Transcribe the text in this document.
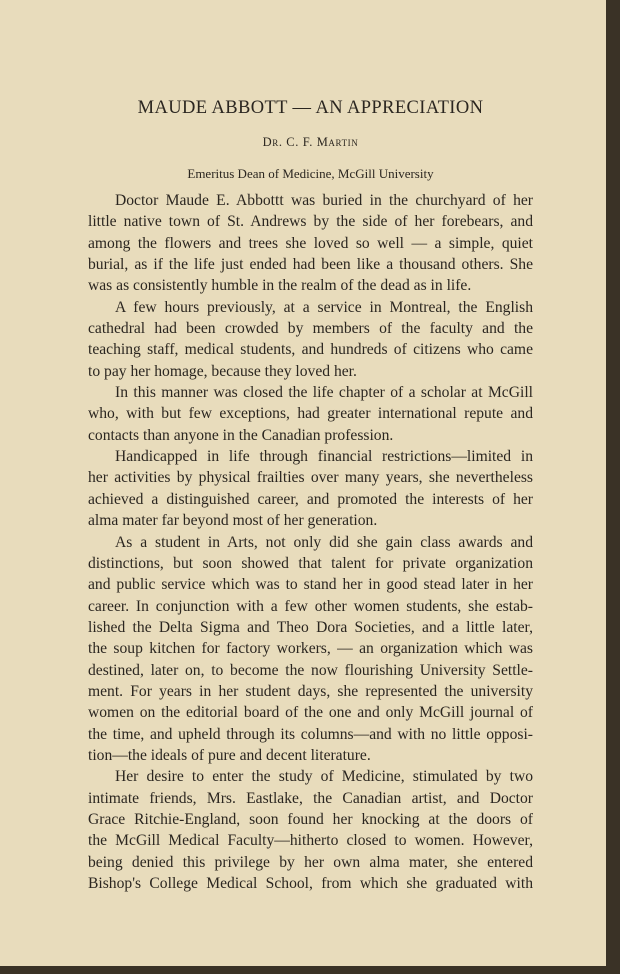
MAUDE ABBOTT — AN APPRECIATION
Dr. C. F. Martin
Emeritus Dean of Medicine, McGill University
Doctor Maude E. Abbottt was buried in the churchyard of her
little native town of St. Andrews by the side of her forebears, and
among the flowers and trees she loved so well — a simple, quiet
burial, as if the life just ended had been like a thousand others. She
was as consistently humble in the realm of the dead as in life.
A few hours previously, at a service in Montreal, the English
cathedral had been crowded by members of the faculty and the
teaching staff, medical students, and hundreds of citizens who came
to pay her homage, because they loved her.
In this manner was closed the life chapter of a scholar at McGill
who, with but few exceptions, had greater international repute and
contacts than anyone in the Canadian profession.
Handicapped in life through financial restrictions—limited in
her activities by physical frailties over many years, she nevertheless
achieved a distinguished career, and promoted the interests of her
alma mater far beyond most of her generation.
As a student in Arts, not only did she gain class awards and
distinctions, but soon showed that talent for private organization
and public service which was to stand her in good stead later in her
career. In conjunction with a few other women students, she estab-
lished the Delta Sigma and Theo Dora Societies, and a little later,
the soup kitchen for factory workers, — an organization which was
destined, later on, to become the now flourishing University Settle-
ment. For years in her student days, she represented the university
women on the editorial board of the one and only McGill journal of
the time, and upheld through its columns—and with no little opposi-
tion—the ideals of pure and decent literature.
Her desire to enter the study of Medicine, stimulated by two
intimate friends, Mrs. Eastlake, the Canadian artist, and Doctor
Grace Ritchie-England, soon found her knocking at the doors of
the McGill Medical Faculty—hitherto closed to women. However,
being denied this privilege by her own alma mater, she entered
Bishop's College Medical School, from which she graduated with
